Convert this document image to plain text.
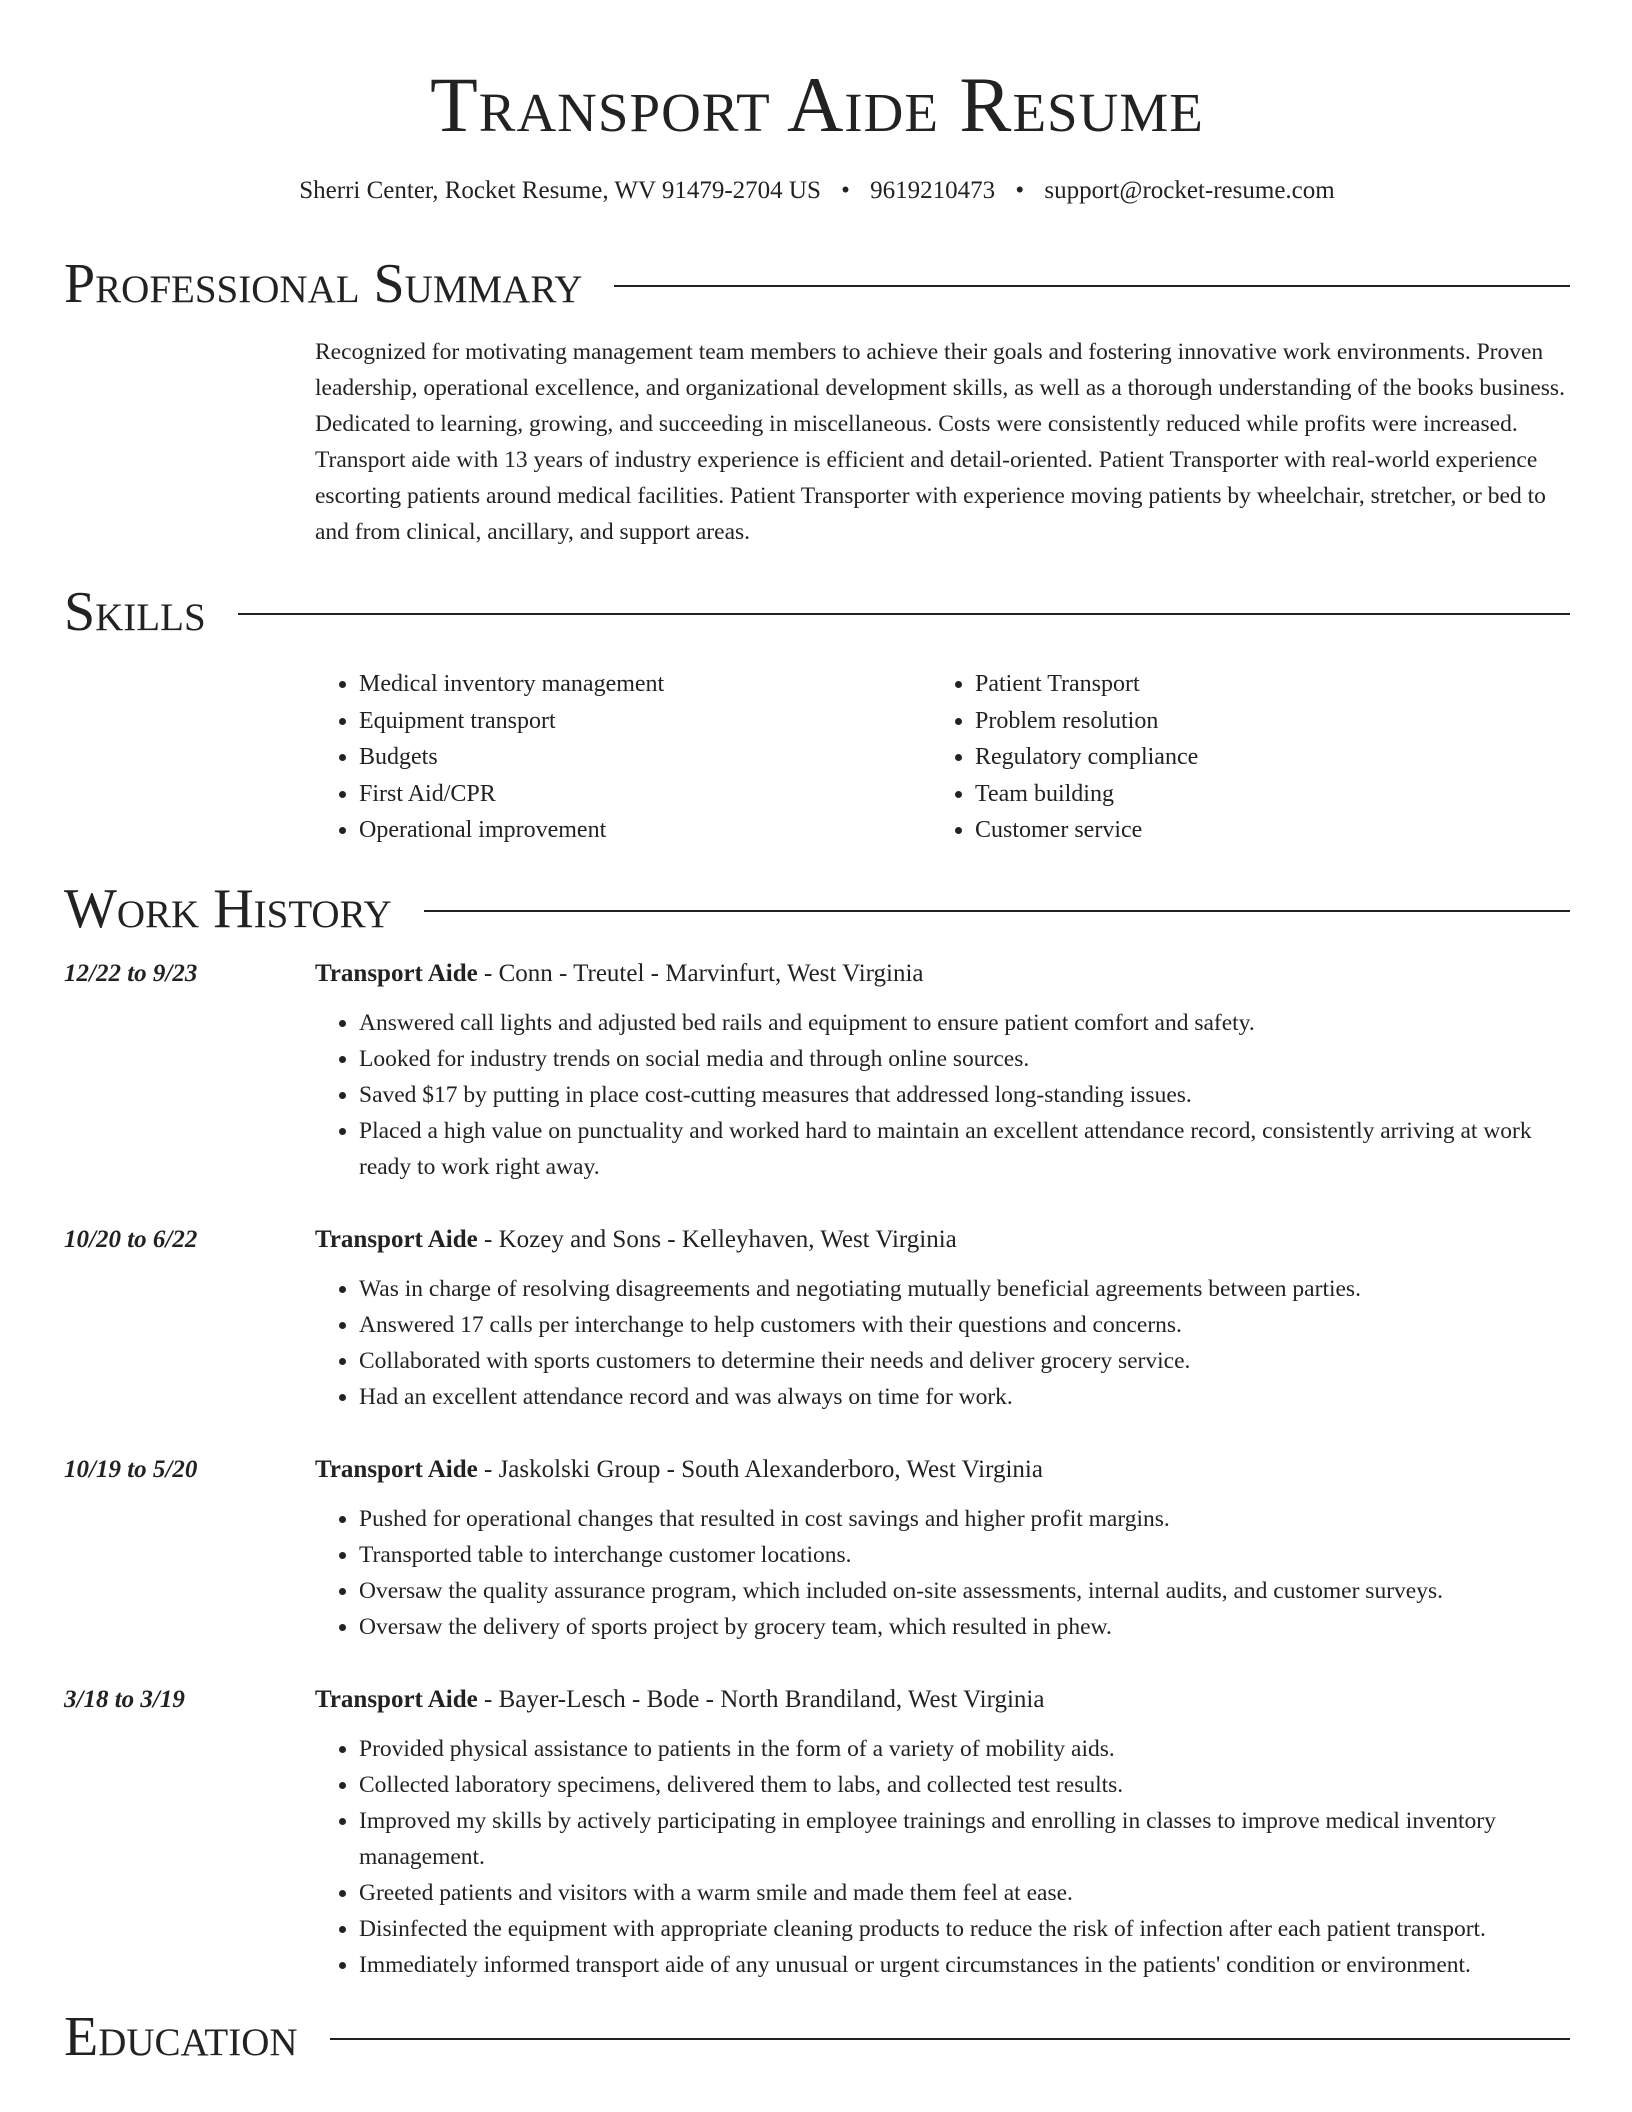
Transport Aide Resume
Sherri Center, Rocket Resume, WV 91479-2704 US • 9619210473 • support@rocket-resume.com
Professional Summary
Recognized for motivating management team members to achieve their goals and fostering innovative work environments. Proven leadership, operational excellence, and organizational development skills, as well as a thorough understanding of the books business. Dedicated to learning, growing, and succeeding in miscellaneous. Costs were consistently reduced while profits were increased. Transport aide with 13 years of industry experience is efficient and detail-oriented. Patient Transporter with real-world experience escorting patients around medical facilities. Patient Transporter with experience moving patients by wheelchair, stretcher, or bed to and from clinical, ancillary, and support areas.
Skills
• Medical inventory management
• Equipment transport
• Budgets
• First Aid/CPR
• Operational improvement
• Patient Transport
• Problem resolution
• Regulatory compliance
• Team building
• Customer service
Work History
12/22 to 9/23	Transport Aide - Conn - Treutel - Marvinfurt, West Virginia
• Answered call lights and adjusted bed rails and equipment to ensure patient comfort and safety.
• Looked for industry trends on social media and through online sources.
• Saved $17 by putting in place cost-cutting measures that addressed long-standing issues.
• Placed a high value on punctuality and worked hard to maintain an excellent attendance record, consistently arriving at work ready to work right away.
10/20 to 6/22	Transport Aide - Kozey and Sons - Kelleyhaven, West Virginia
• Was in charge of resolving disagreements and negotiating mutually beneficial agreements between parties.
• Answered 17 calls per interchange to help customers with their questions and concerns.
• Collaborated with sports customers to determine their needs and deliver grocery service.
• Had an excellent attendance record and was always on time for work.
10/19 to 5/20	Transport Aide - Jaskolski Group - South Alexanderboro, West Virginia
• Pushed for operational changes that resulted in cost savings and higher profit margins.
• Transported table to interchange customer locations.
• Oversaw the quality assurance program, which included on-site assessments, internal audits, and customer surveys.
• Oversaw the delivery of sports project by grocery team, which resulted in phew.
3/18 to 3/19	Transport Aide - Bayer-Lesch - Bode - North Brandiland, West Virginia
• Provided physical assistance to patients in the form of a variety of mobility aids.
• Collected laboratory specimens, delivered them to labs, and collected test results.
• Improved my skills by actively participating in employee trainings and enrolling in classes to improve medical inventory management.
• Greeted patients and visitors with a warm smile and made them feel at ease.
• Disinfected the equipment with appropriate cleaning products to reduce the risk of infection after each patient transport.
• Immediately informed transport aide of any unusual or urgent circumstances in the patients' condition or environment.
Education
